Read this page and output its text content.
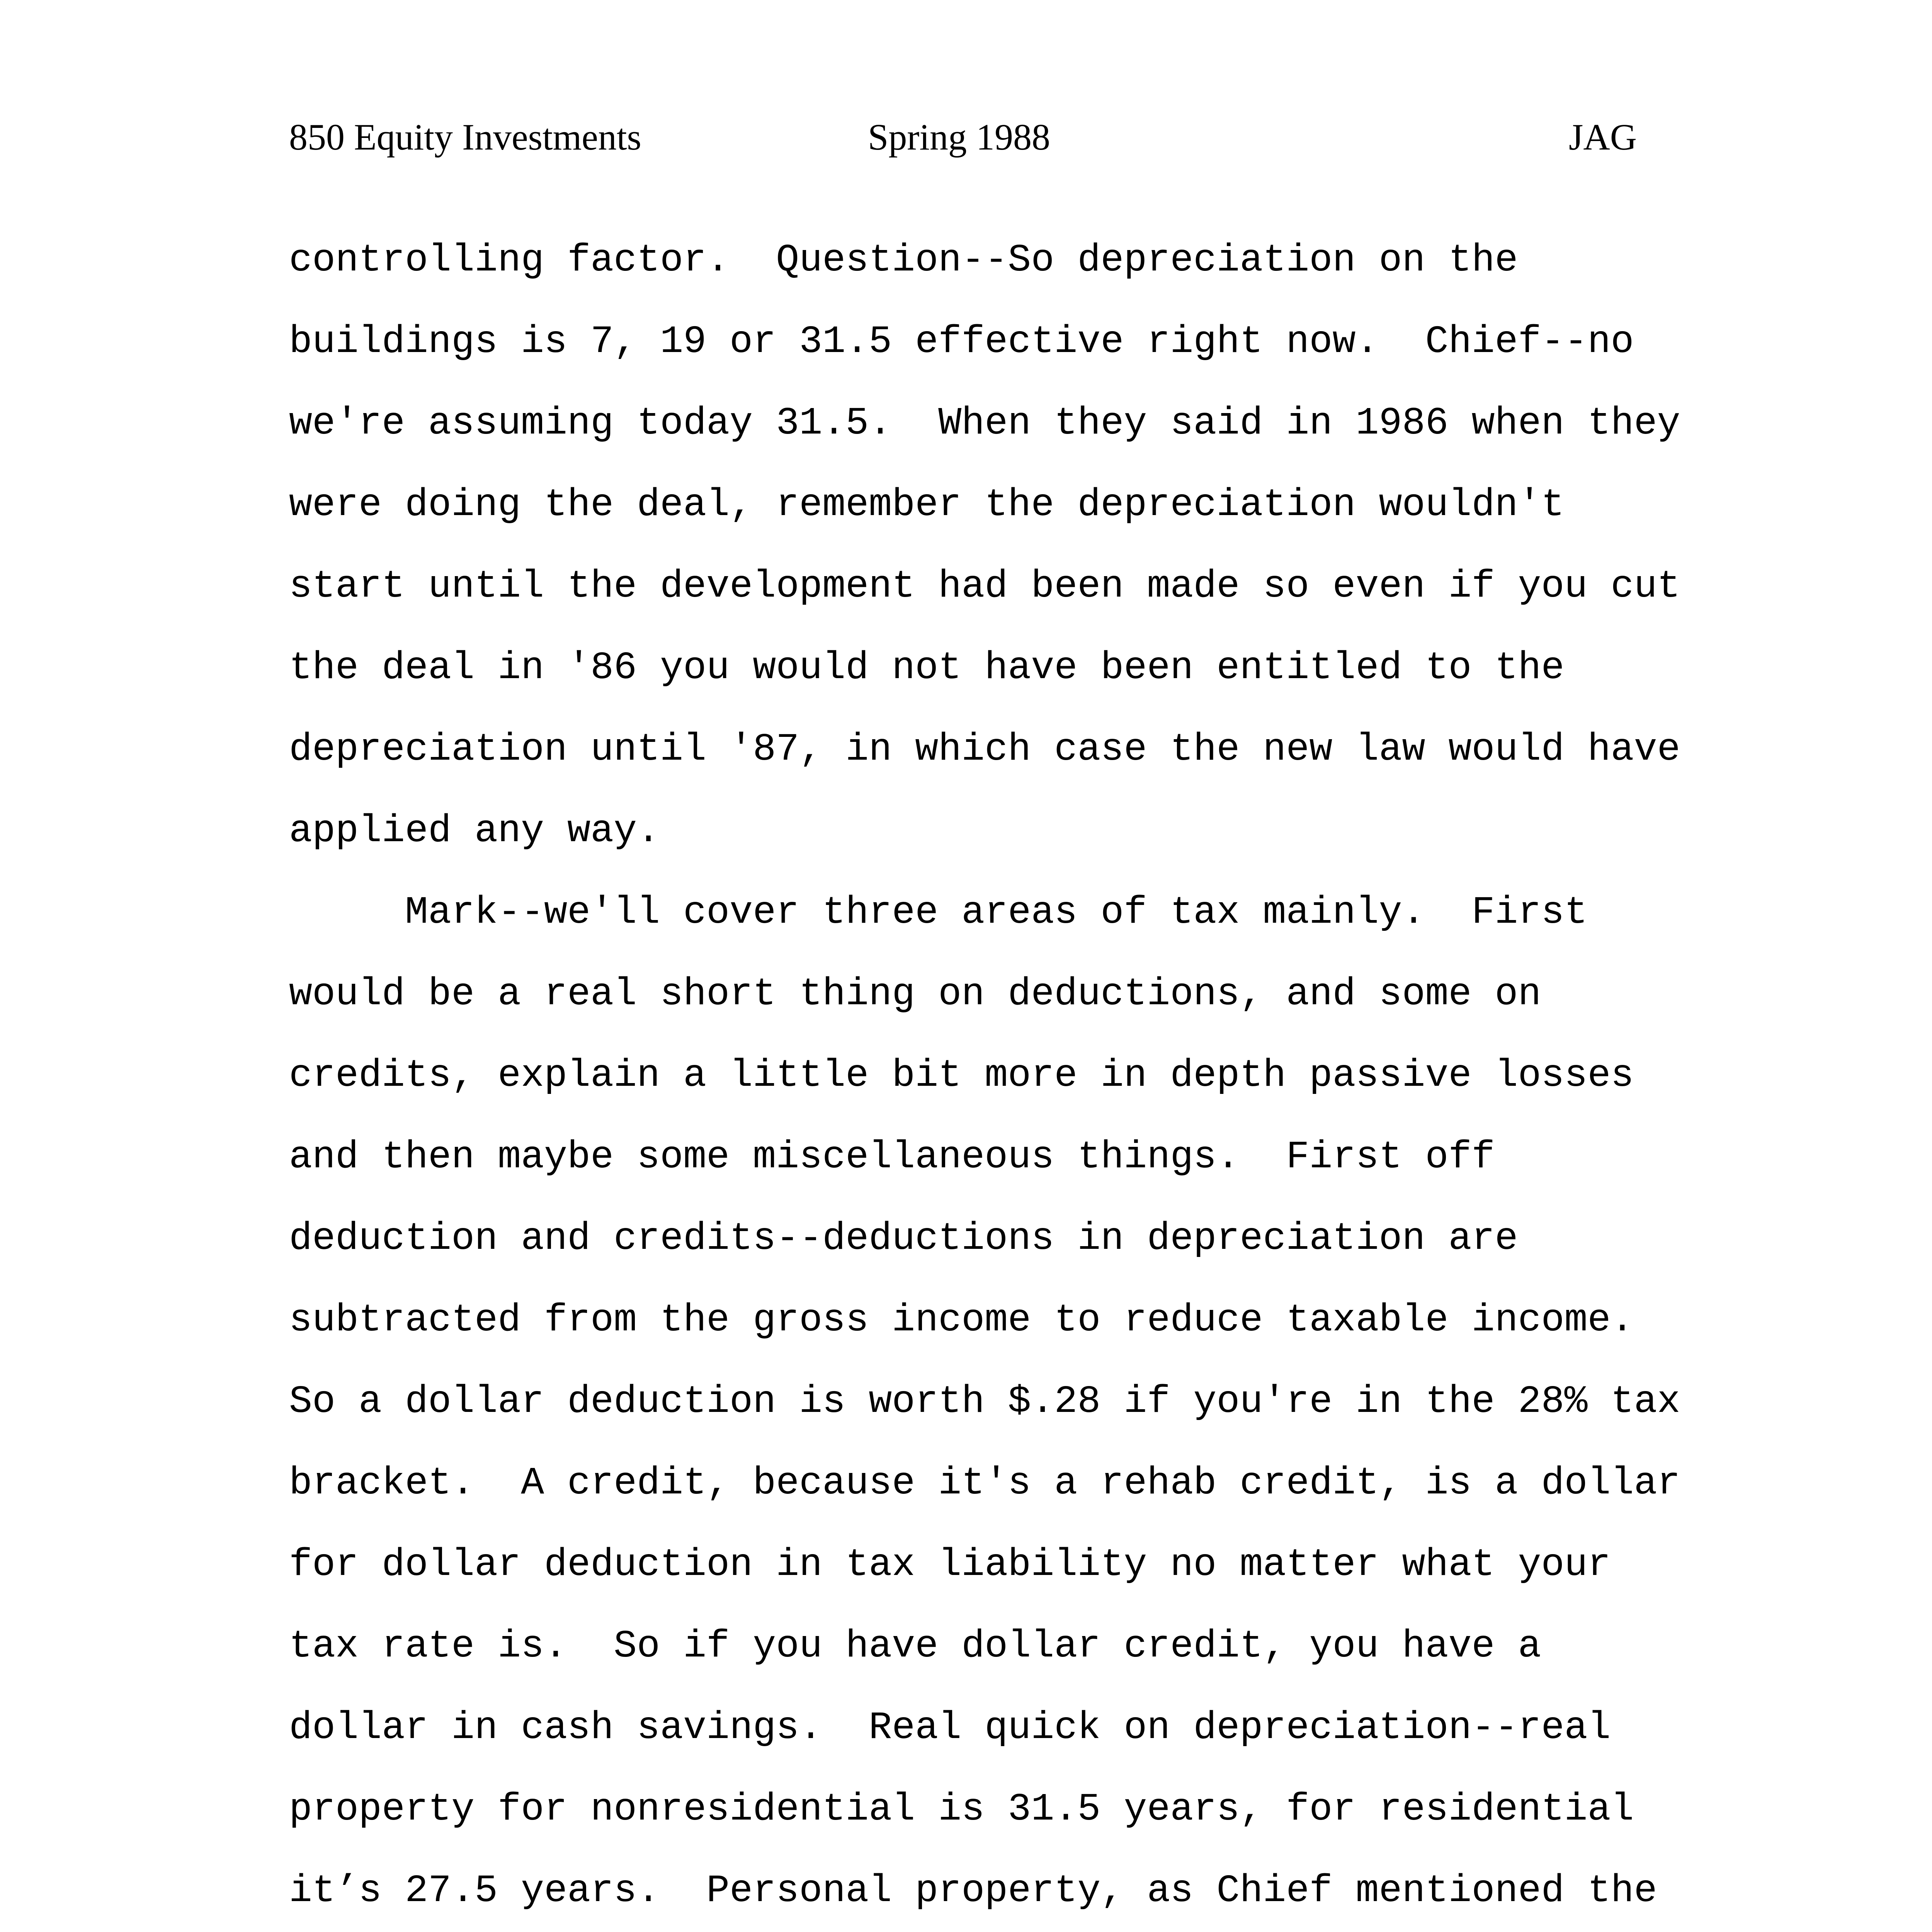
850 Equity Investments	Spring 1988	JAG
controlling factor.  Question--So depreciation on the
buildings is 7, 19 or 31.5 effective right now.  Chief--no
we're assuming today 31.5.  When they said in 1986 when they
were doing the deal, remember the depreciation wouldn't
start until the development had been made so even if you cut
the deal in '86 you would not have been entitled to the
depreciation until '87, in which case the new law would have
applied any way.
Mark--we'll cover three areas of tax mainly.  First
would be a real short thing on deductions, and some on
credits, explain a little bit more in depth passive losses
and then maybe some miscellaneous things.  First off
deduction and credits--deductions in depreciation are
subtracted from the gross income to reduce taxable income.
So a dollar deduction is worth $.28 if you're in the 28% tax
bracket.  A credit, because it's a rehab credit, is a dollar
for dollar deduction in tax liability no matter what your
tax rate is.  So if you have dollar credit, you have a
dollar in cash savings.  Real quick on depreciation--real
property for nonresidential is 31.5 years, for residential
it’s 27.5 years.  Personal property, as Chief mentioned the
